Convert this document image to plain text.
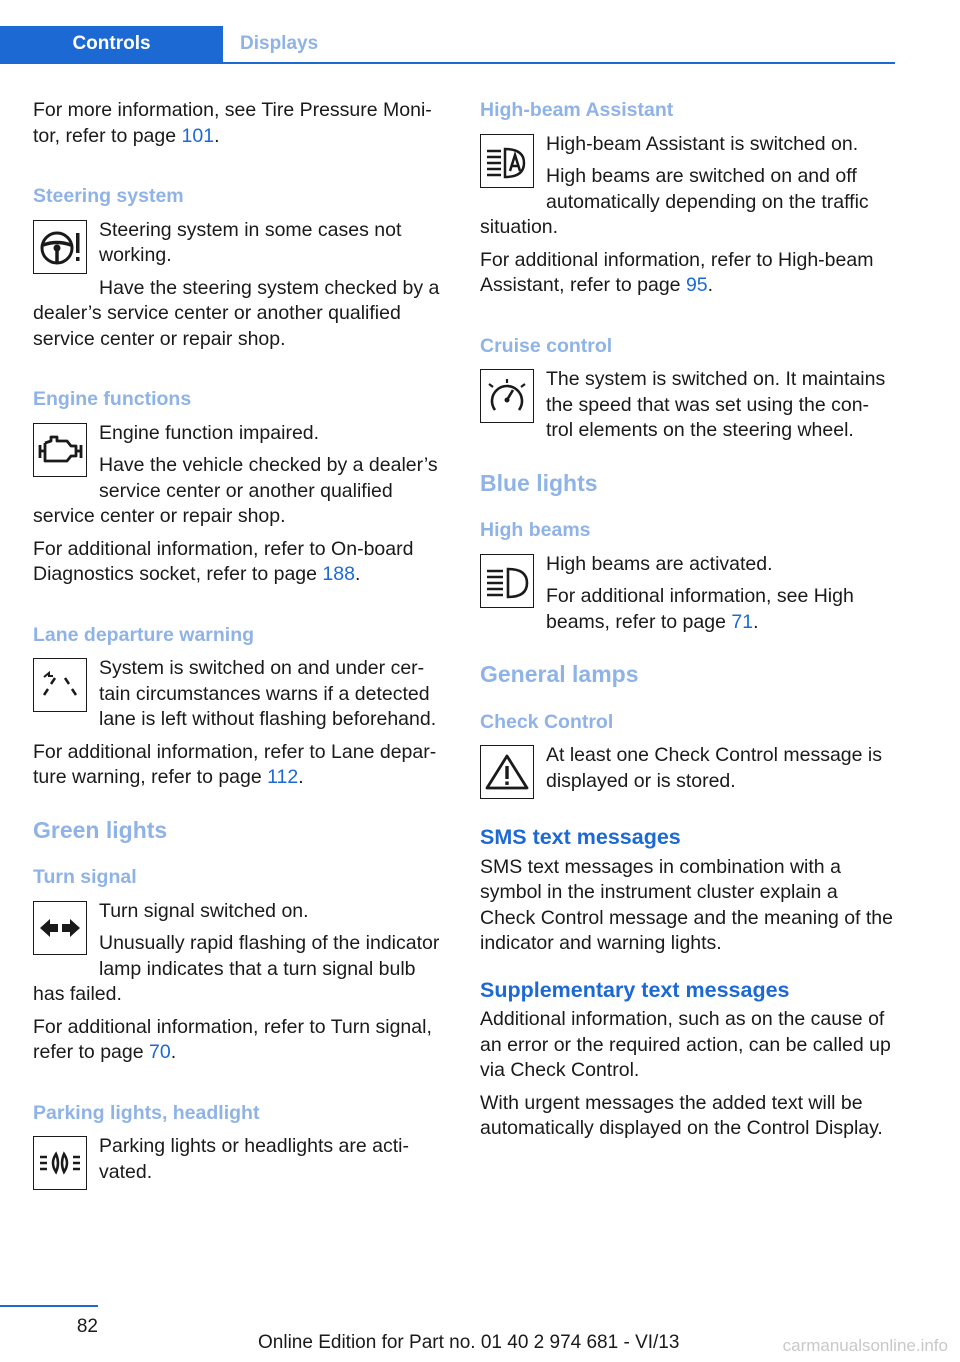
Controls	Displays

For more information, see Tire Pressure Moni-tor, refer to page 101.

Steering system

Steering system in some cases not working.

Have the steering system checked by a dealer’s service center or another qualified service center or repair shop.

Engine functions

Engine function impaired.

Have the vehicle checked by a dealer’s service center or another qualified service center or repair shop.

For additional information, refer to On-board Diagnostics socket, refer to page 188.

Lane departure warning

System is switched on and under cer-tain circumstances warns if a detected lane is left without flashing beforehand.

For additional information, refer to Lane depar-ture warning, refer to page 112.

Green lights
Turn signal

Turn signal switched on.

Unusually rapid flashing of the indicator lamp indicates that a turn signal bulb has failed.

For additional information, refer to Turn signal, refer to page 70.

Parking lights, headlight

Parking lights or headlights are acti-vated.

High-beam Assistant

High-beam Assistant is switched on.

High beams are switched on and off automatically depending on the traffic situation.

For additional information, refer to High-beam Assistant, refer to page 95.

Cruise control

The system is switched on. It maintains the speed that was set using the con-trol elements on the steering wheel.

Blue lights
High beams

High beams are activated.

For additional information, see High beams, refer to page 71.

General lamps
Check Control

At least one Check Control message is displayed or is stored.

SMS text messages

SMS text messages in combination with a symbol in the instrument cluster explain a Check Control message and the meaning of the indicator and warning lights.

Supplementary text messages

Additional information, such as on the cause of an error or the required action, can be called up via Check Control.

With urgent messages the added text will be automatically displayed on the Control Display.

82
Online Edition for Part no. 01 40 2 974 681 - VI/13	carmanualsonline.info
